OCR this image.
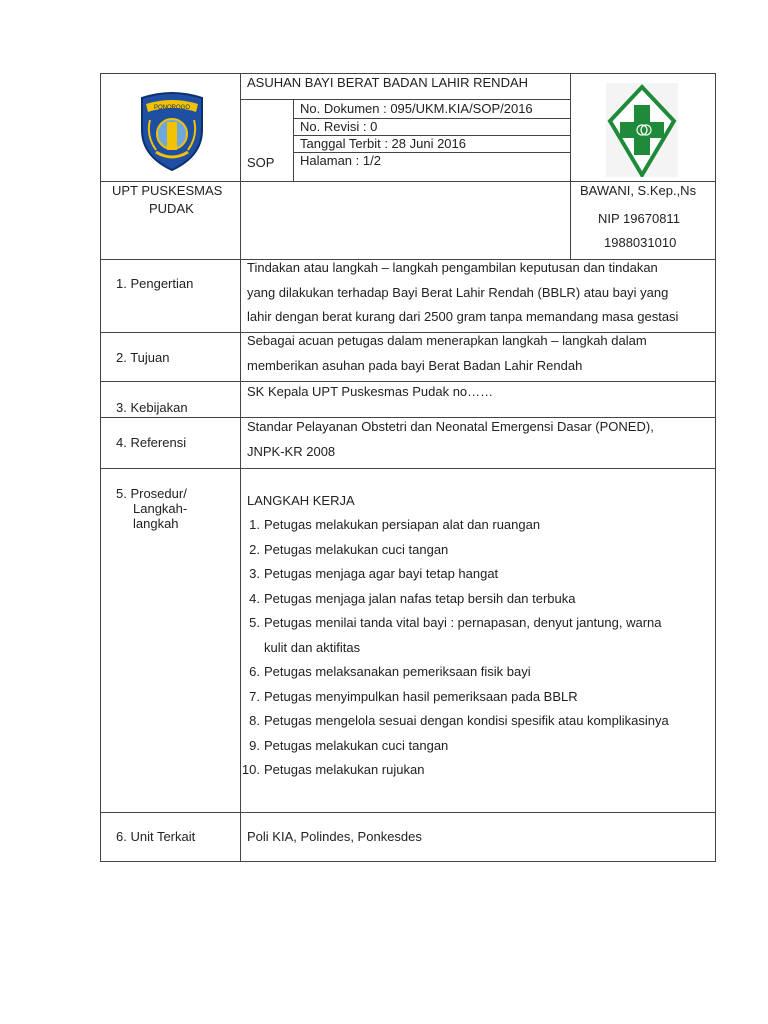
PONOROGO
ASUHAN BAYI BERAT BADAN LAHIR RENDAH
SOP
No. Dokumen : 095/UKM.KIA/SOP/2016
No. Revisi : 0
Tanggal Terbit : 28 Juni 2016
Halaman : 1/2
UPT PUSKESMAS
PUDAK
BAWANI, S.Kep.,Ns
NIP 19670811
1988031010
1. Pengertian
Tindakan atau langkah – langkah pengambilan keputusan dan tindakan
yang dilakukan terhadap Bayi Berat Lahir Rendah (BBLR) atau bayi yang
lahir dengan berat kurang dari 2500 gram tanpa memandang masa gestasi
2. Tujuan
Sebagai acuan petugas dalam menerapkan langkah – langkah dalam
memberikan asuhan pada bayi Berat Badan Lahir Rendah
3. Kebijakan
SK Kepala UPT Puskesmas Pudak no……
4. Referensi
Standar Pelayanan Obstetri dan Neonatal Emergensi Dasar (PONED),
JNPK-KR 2008
5. Prosedur/
Langkah-
langkah
LANGKAH KERJA
1. Petugas melakukan persiapan alat dan ruangan
2. Petugas melakukan cuci tangan
3. Petugas menjaga agar bayi tetap hangat
4. Petugas menjaga jalan nafas tetap bersih dan terbuka
5. Petugas menilai tanda vital bayi : pernapasan, denyut jantung, warna
kulit dan aktifitas
6. Petugas melaksanakan pemeriksaan fisik bayi
7. Petugas menyimpulkan hasil pemeriksaan pada BBLR
8. Petugas mengelola sesuai dengan kondisi spesifik atau komplikasinya
9. Petugas melakukan cuci tangan
10. Petugas melakukan rujukan
6. Unit Terkait	Poli KIA, Polindes, Ponkesdes
